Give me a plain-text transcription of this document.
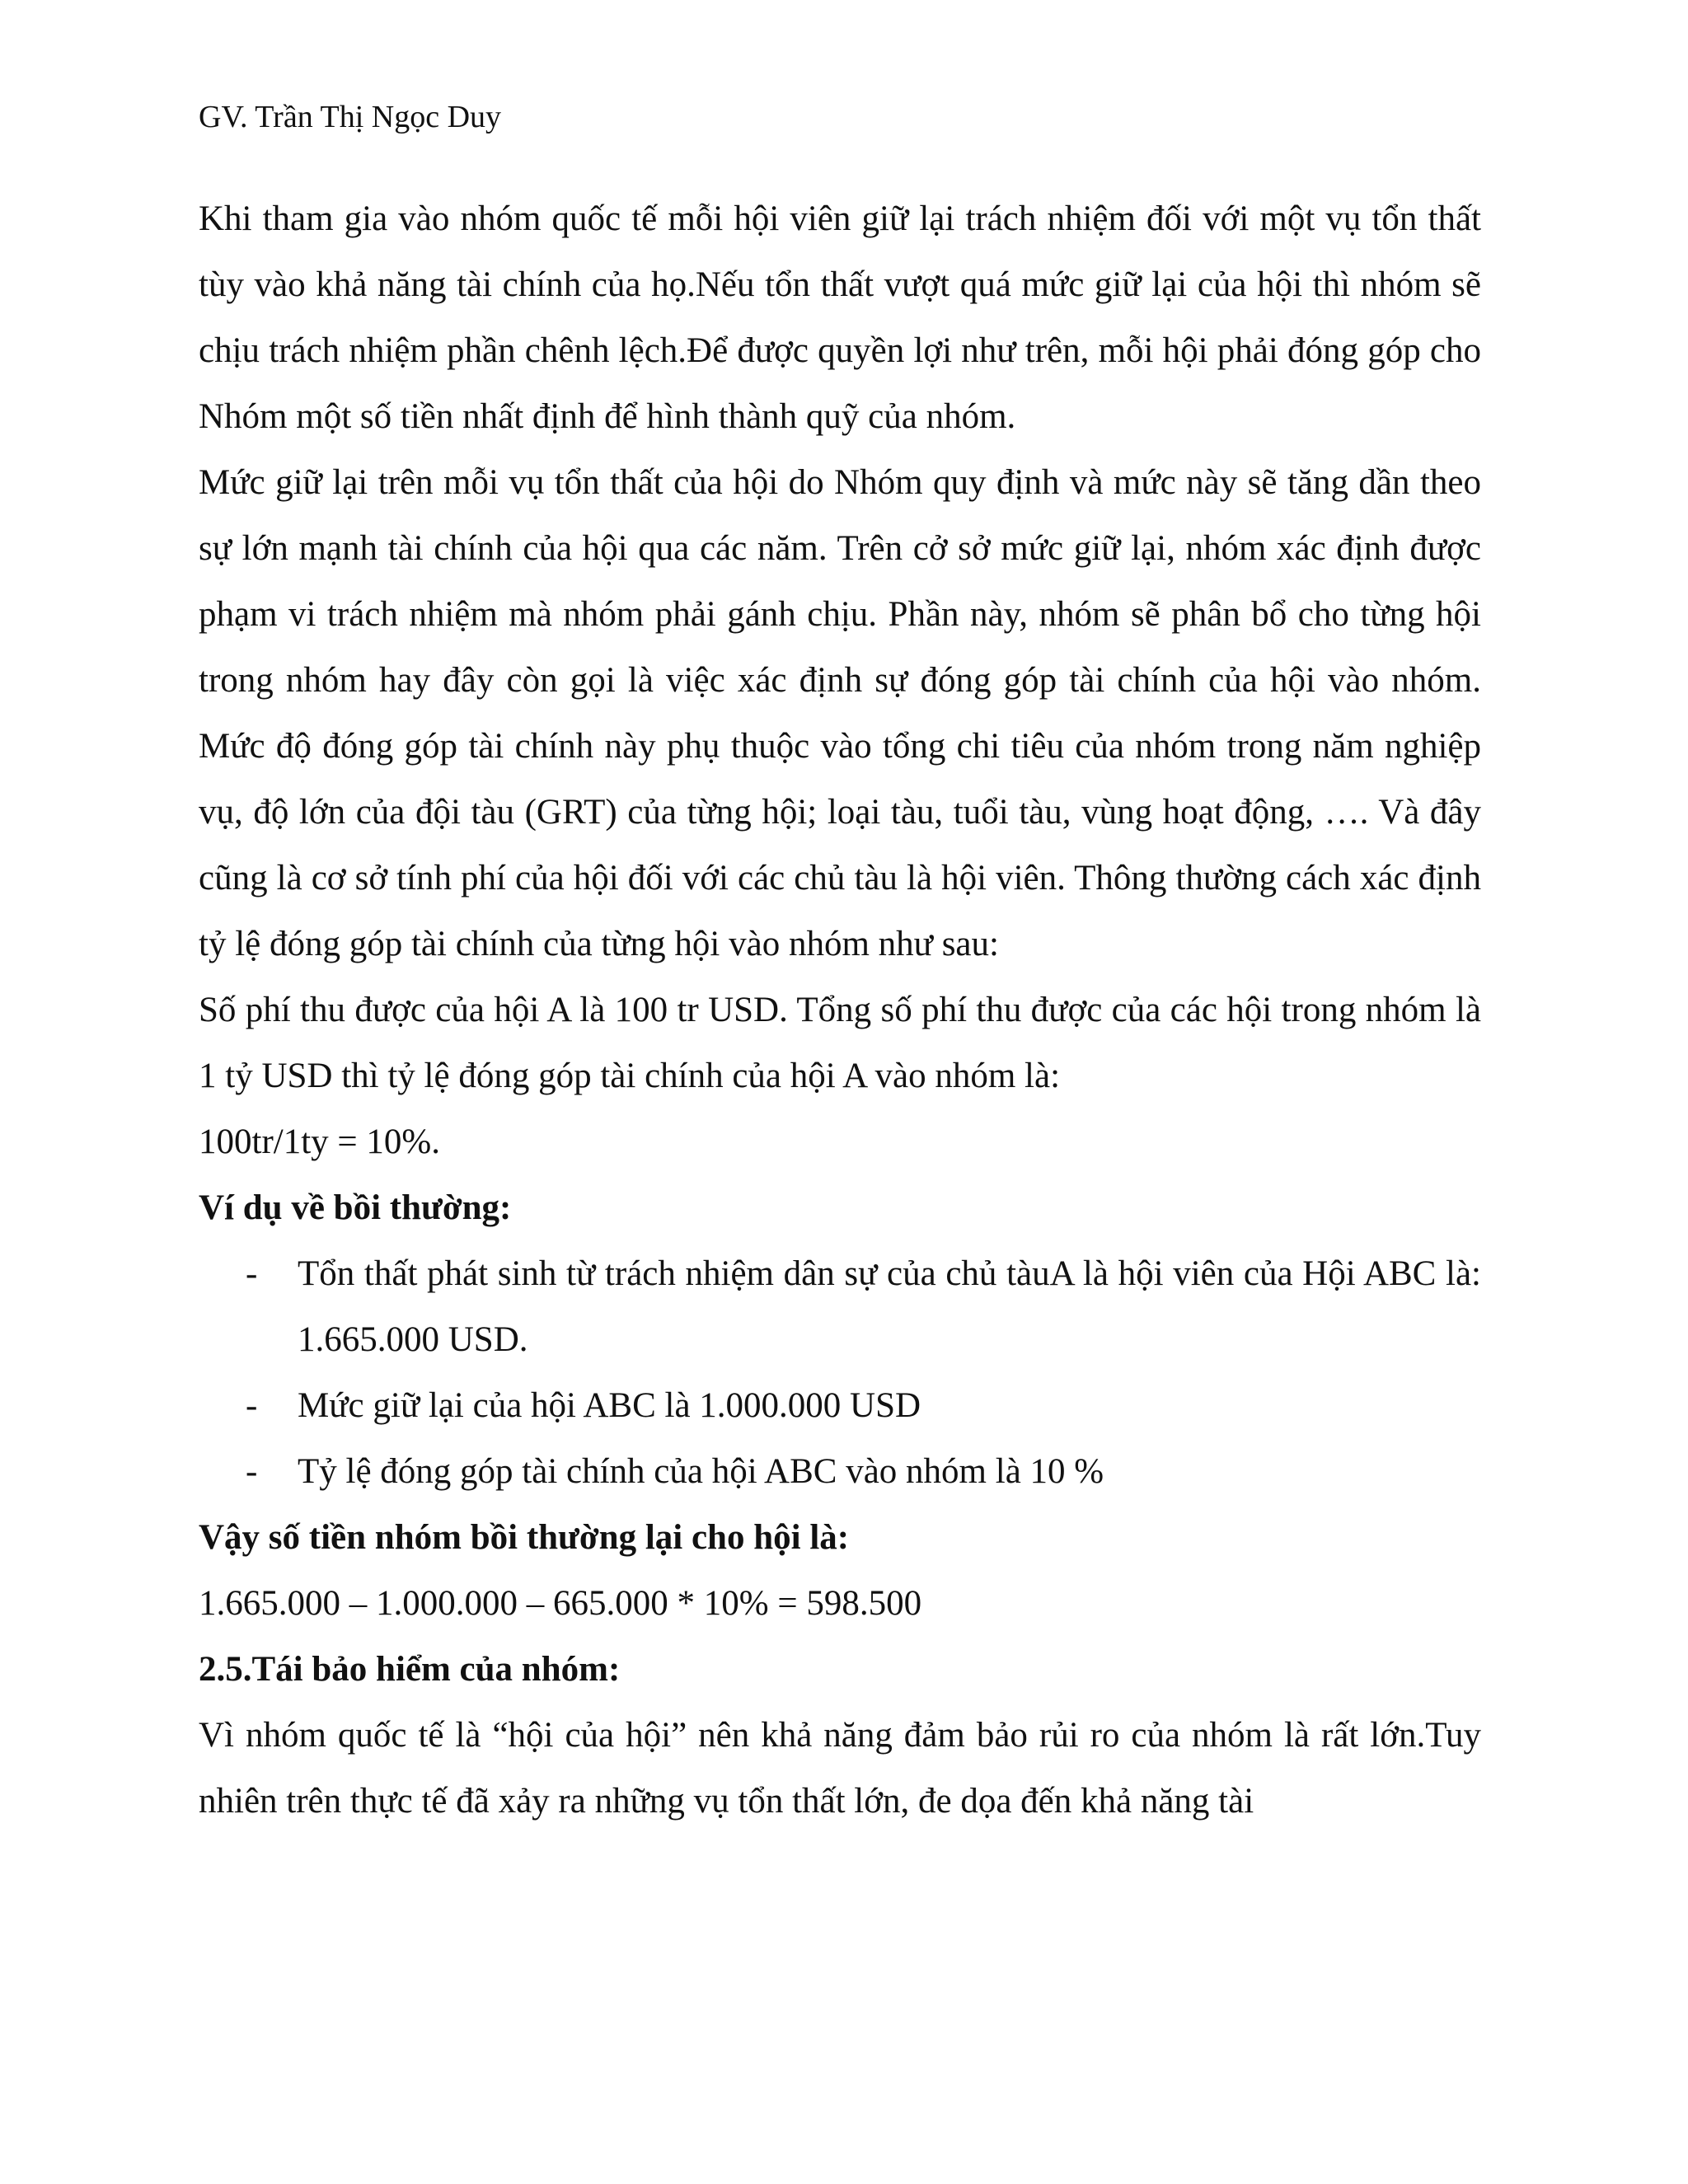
GV. Trần Thị Ngọc Duy

Khi tham gia vào nhóm quốc tế mỗi hội viên giữ lại trách nhiệm đối với một vụ tổn thất tùy vào khả năng tài chính của họ.Nếu tổn thất vượt quá mức giữ lại của hội thì nhóm sẽ chịu trách nhiệm phần chênh lệch.Để được quyền lợi như trên, mỗi hội phải đóng góp cho Nhóm một số tiền nhất định để hình thành quỹ của nhóm.

Mức giữ lại trên mỗi vụ tổn thất của hội do Nhóm quy định và mức này sẽ tăng dần theo sự lớn mạnh tài chính của hội qua các năm. Trên cở sở mức giữ lại, nhóm xác định được phạm vi trách nhiệm mà nhóm phải gánh chịu. Phần này, nhóm sẽ phân bổ cho từng hội trong nhóm hay đây còn gọi là việc xác định sự đóng góp tài chính của hội vào nhóm. Mức độ đóng góp tài chính này phụ thuộc vào tổng chi tiêu của nhóm trong năm nghiệp vụ, độ lớn của đội tàu (GRT) của từng hội; loại tàu, tuổi tàu, vùng hoạt động, …. Và đây cũng là cơ sở tính phí của hội đối với các chủ tàu là hội viên. Thông thường cách xác định tỷ lệ đóng góp tài chính của từng hội vào nhóm như sau:

Số phí thu được của hội A là 100 tr USD. Tổng số phí thu được của các hội trong nhóm là 1 tỷ USD thì tỷ lệ đóng góp tài chính của hội A vào nhóm là:

100tr/1ty = 10%.

Ví dụ về bồi thường:

- Tổn thất phát sinh từ trách nhiệm dân sự của chủ tàuA là hội viên của Hội ABC là: 1.665.000 USD.
- Mức giữ lại của hội ABC là 1.000.000 USD
- Tỷ lệ đóng góp tài chính của hội ABC vào nhóm là 10 %

Vậy số tiền nhóm bồi thường lại cho hội là:

1.665.000 – 1.000.000 – 665.000 * 10% = 598.500

2.5.Tái bảo hiểm của nhóm:

Vì nhóm quốc tế là “hội của hội” nên khả năng đảm bảo rủi ro của nhóm là rất lớn.Tuy nhiên trên thực tế đã xảy ra những vụ tổn thất lớn, đe dọa đến khả năng tài
